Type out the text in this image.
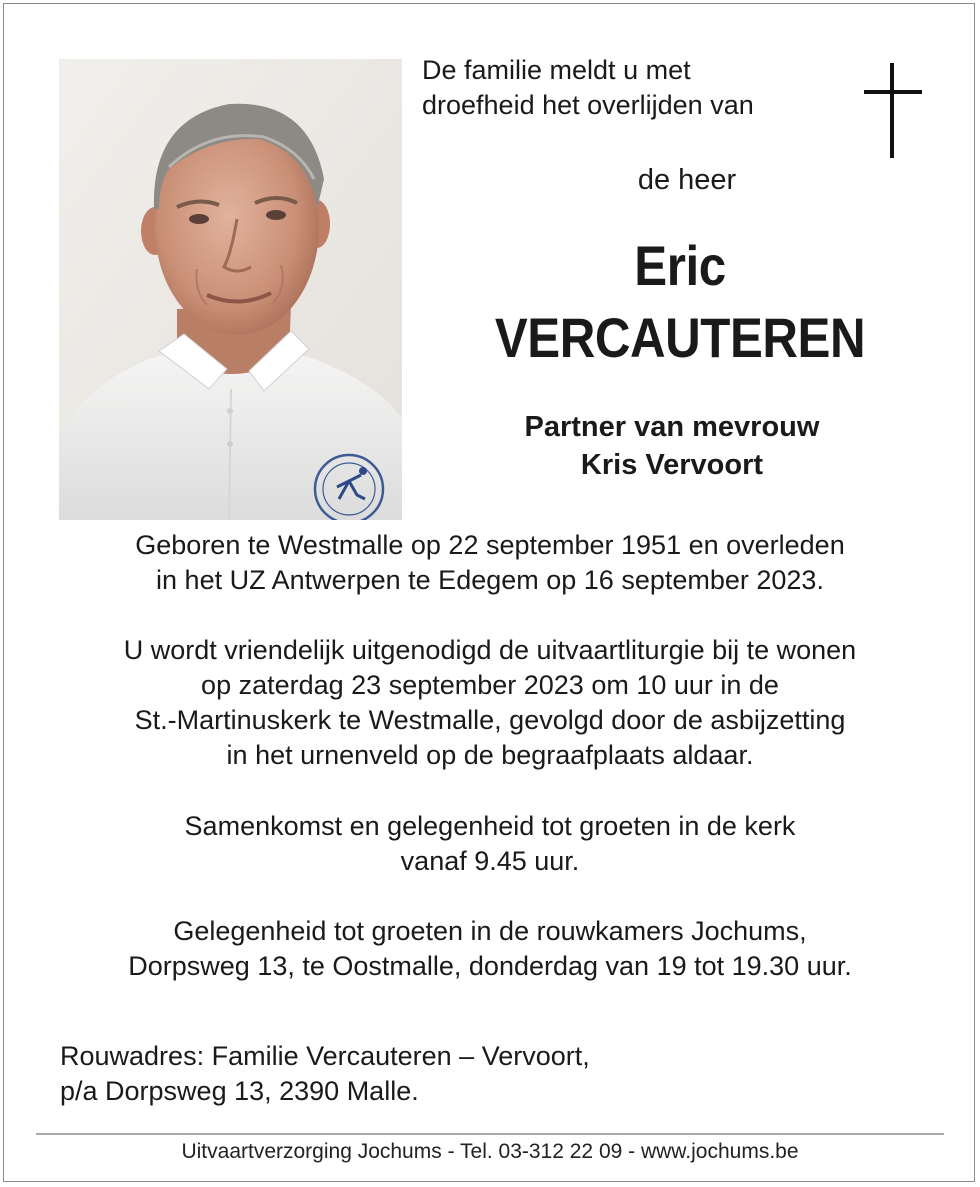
De familie meldt u met
droefheid het overlijden van

de heer

Eric
VERCAUTEREN

Partner van mevrouw
Kris Vervoort

Geboren te Westmalle op 22 september 1951 en overleden
in het UZ Antwerpen te Edegem op 16 september 2023.

U wordt vriendelijk uitgenodigd de uitvaartliturgie bij te wonen
op zaterdag 23 september 2023 om 10 uur in de
St.-Martinuskerk te Westmalle, gevolgd door de asbijzetting
in het urnenveld op de begraafplaats aldaar.

Samenkomst en gelegenheid tot groeten in de kerk
vanaf 9.45 uur.

Gelegenheid tot groeten in de rouwkamers Jochums,
Dorpsweg 13, te Oostmalle, donderdag van 19 tot 19.30 uur.

Rouwadres: Familie Vercauteren – Vervoort,
p/a Dorpsweg 13, 2390 Malle.

Uitvaartverzorging Jochums - Tel. 03-312 22 09 - www.jochums.be
